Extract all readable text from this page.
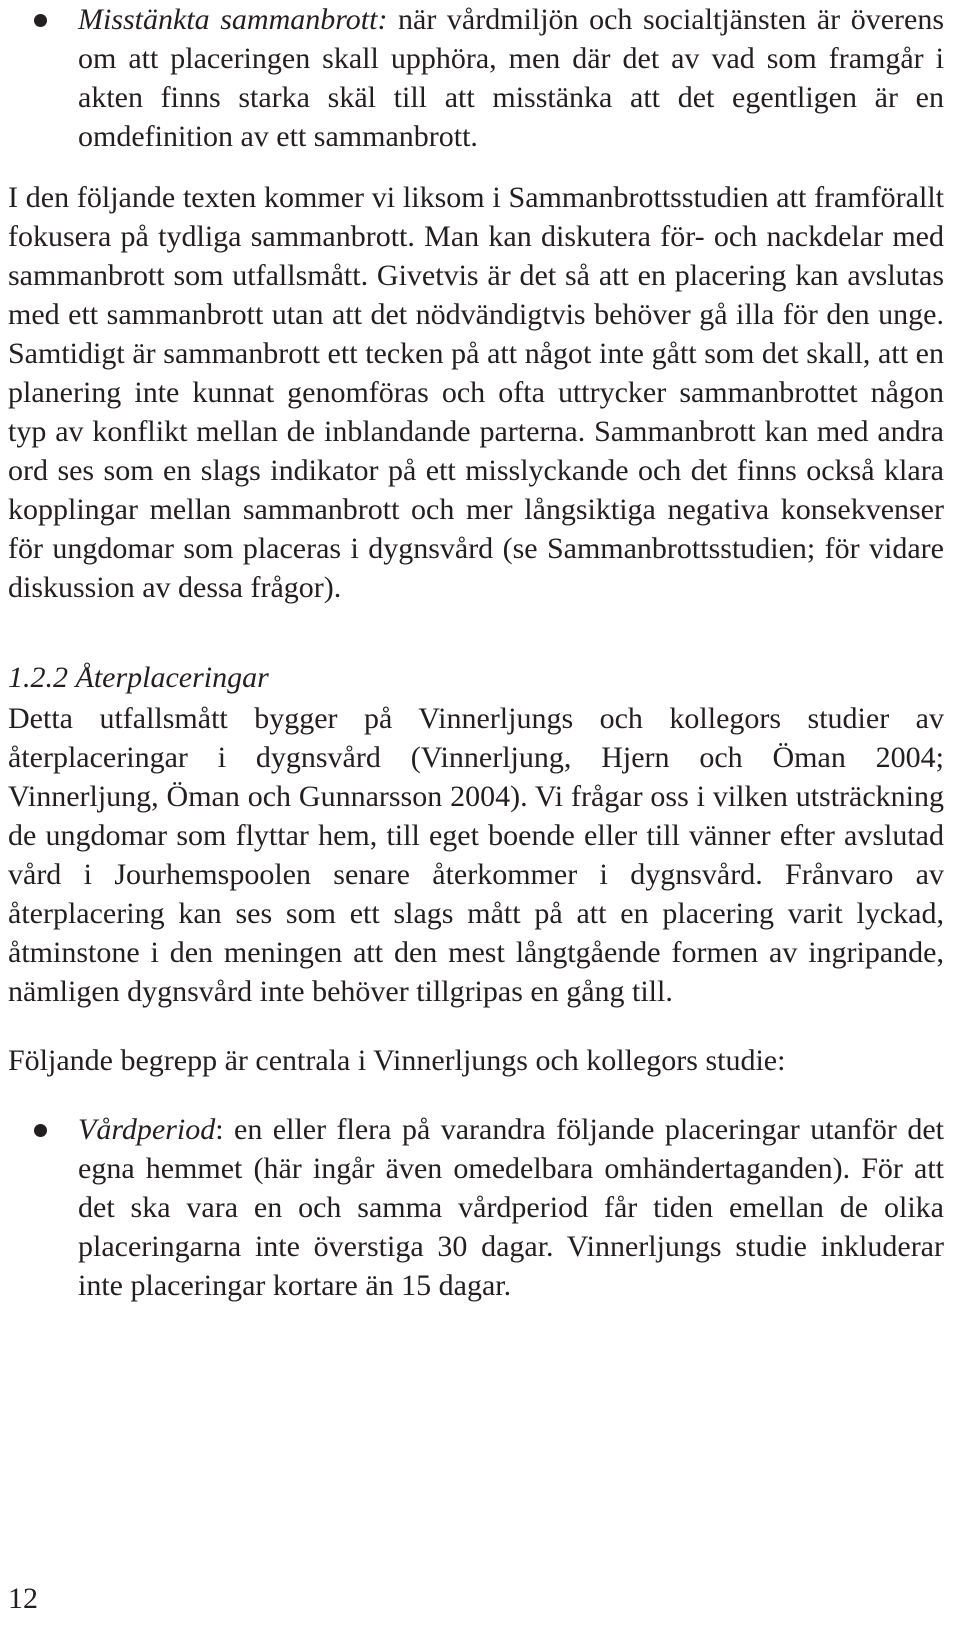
Misstänkta sammanbrott: när vårdmiljön och socialtjänsten är överens om att placeringen skall upphöra, men där det av vad som framgår i akten finns starka skäl till att misstänka att det egentligen är en omdefinition av ett sammanbrott.

I den följande texten kommer vi liksom i Sammanbrottsstudien att framförallt fokusera på tydliga sammanbrott. Man kan diskutera för- och nackdelar med sammanbrott som utfallsmått. Givetvis är det så att en placering kan avslutas med ett sammanbrott utan att det nödvändigtvis behöver gå illa för den unge. Samtidigt är sammanbrott ett tecken på att något inte gått som det skall, att en planering inte kunnat genomföras och ofta uttrycker sammanbrottet någon typ av konflikt mellan de inblandande parterna. Sammanbrott kan med andra ord ses som en slags indikator på ett misslyckande och det finns också klara kopplingar mellan sammanbrott och mer långsiktiga negativa konsekvenser för ungdomar som placeras i dygnsvård (se Sammanbrottsstudien; för vidare diskussion av dessa frågor).

1.2.2 Återplaceringar

Detta utfallsmått bygger på Vinnerljungs och kollegors studier av återplaceringar i dygnsvård (Vinnerljung, Hjern och Öman 2004; Vinnerljung, Öman och Gunnarsson 2004). Vi frågar oss i vilken utsträckning de ungdomar som flyttar hem, till eget boende eller till vänner efter avslutad vård i Jourhemspoolen senare återkommer i dygnsvård. Frånvaro av återplacering kan ses som ett slags mått på att en placering varit lyckad, åtminstone i den meningen att den mest långtgående formen av ingripande, nämligen dygnsvård inte behöver tillgripas en gång till.

Följande begrepp är centrala i Vinnerljungs och kollegors studie:

Vårdperiod: en eller flera på varandra följande placeringar utanför det egna hemmet (här ingår även omedelbara omhändertaganden). För att det ska vara en och samma vårdperiod får tiden emellan de olika placeringarna inte överstiga 30 dagar. Vinnerljungs studie inkluderar inte placeringar kortare än 15 dagar.

12
